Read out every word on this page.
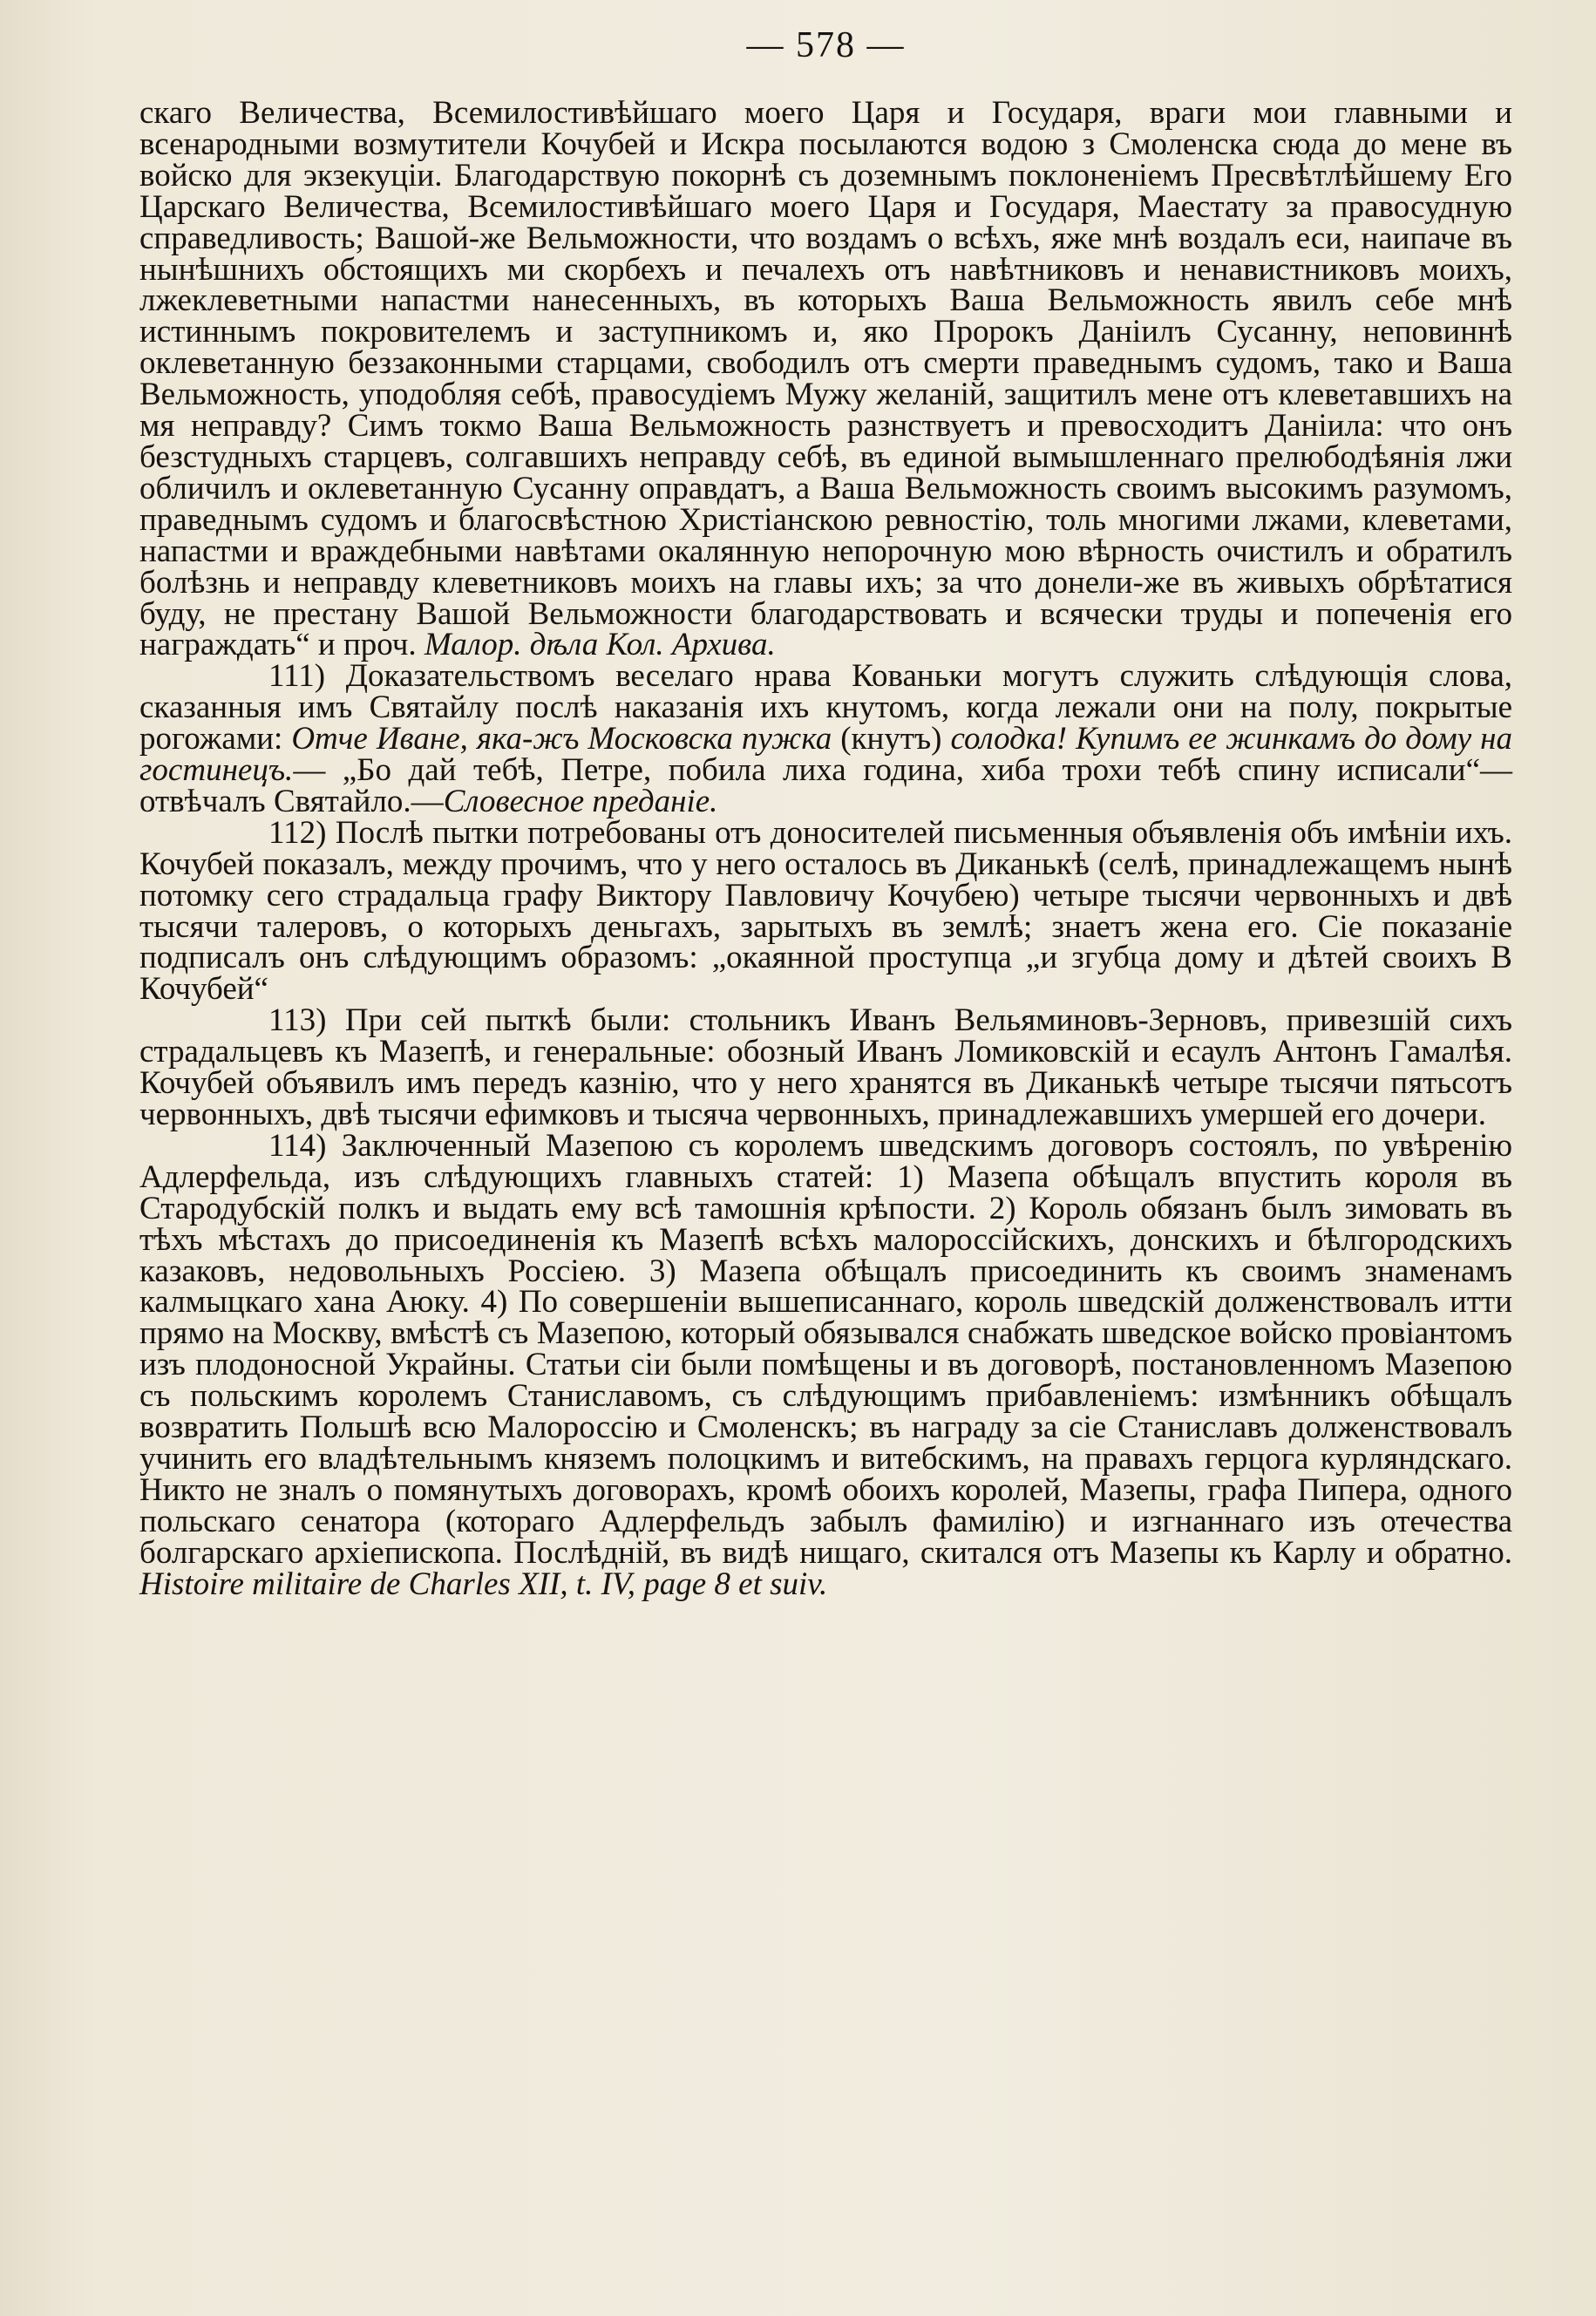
— 578 —

скаго Величества, Всемилостивѣйшаго моего Царя и Государя, враги мои главными и всенародными возмутители Кочубей и Искра посылаются водою з Смоленска сюда до мене въ войско для экзекуціи. Благодарствую покорнѣ съ доземнымъ поклоненіемъ Пресвѣтлѣйшему Его Царскаго Величества, Всемилостивѣйшаго моего Царя и Государя, Маестату за правосудную справедливость; Вашой-же Вельможности, что воздамъ о всѣхъ, яже мнѣ воздалъ еси, наипаче въ нынѣшнихъ обстоящихъ ми скорбехъ и печалехъ отъ навѣтниковъ и ненавистниковъ моихъ, лжеклеветными напастми нанесенныхъ, въ которыхъ Ваша Вельможность явилъ себе мнѣ истиннымъ покровителемъ и заступникомъ и, яко Пророкъ Даніилъ Сусанну, неповиннѣ оклеветанную беззаконными старцами, свободилъ отъ смерти праведнымъ судомъ, тако и Ваша Вельможность, уподобляя себѣ, правосудіемъ Мужу желаній, защитилъ мене отъ клеветавшихъ на мя неправду? Симъ токмо Ваша Вельможность разнствуетъ и превосходитъ Даніила: что онъ безстудныхъ старцевъ, солгавшихъ неправду себѣ, въ единой вымышленнаго прелюбодѣянія лжи обличилъ и оклеветанную Сусанну оправдатъ, а Ваша Вельможность своимъ высокимъ разумомъ, праведнымъ судомъ и благосвѣстною Христіанскою ревностію, толь многими лжами, клеветами, напастми и враждебными навѣтами окалянную непорочную мою вѣрность очистилъ и обратилъ болѣзнь и неправду клеветниковъ моихъ на главы ихъ; за что донели-же въ живыхъ обрѣтатися буду, не престану Вашой Вельможности благодарствовать и всячески труды и попеченія его награждать“ и проч. Малор. дѣла Кол. Архива.

111) Доказательствомъ веселаго нрава Кованьки могутъ служить слѣдующія слова, сказанныя имъ Святайлу послѣ наказанія ихъ кнутомъ, когда лежали они на полу, покрытые рогожами: Отче Иване, яка-жъ Московска пужка (кнутъ) солодка! Купимъ ее жинкамъ до дому на гостинецъ.— „Бо дай тебѣ, Петре, побила лиха година, хиба трохи тебѣ спину исписали“—отвѣчалъ Святайло.—Словесное преданіе.

112) Послѣ пытки потребованы отъ доносителей письменныя объявленія объ имѣніи ихъ. Кочубей показалъ, между прочимъ, что у него осталось въ Диканькѣ (селѣ, принадлежащемъ нынѣ потомку сего страдальца графу Виктору Павловичу Кочубею) четыре тысячи червонныхъ и двѣ тысячи талеровъ, о которыхъ деньгахъ, зарытыхъ въ землѣ; знаетъ жена его. Сіе показаніе подписалъ онъ слѣдующимъ образомъ: „окаянной проступца „и згубца дому и дѣтей своихъ В Кочубей“

113) При сей пыткѣ были: стольникъ Иванъ Вельяминовъ-Зерновъ, привезшій сихъ страдальцевъ къ Мазепѣ, и генеральные: обозный Иванъ Ломиковскій и есаулъ Антонъ Гамалѣя. Кочубей объявилъ имъ передъ казнію, что у него хранятся въ Диканькѣ четыре тысячи пятьсотъ червонныхъ, двѣ тысячи ефимковъ и тысяча червонныхъ, принадлежавшихъ умершей его дочери.

114) Заключенный Мазепою съ королемъ шведскимъ договоръ состоялъ, по увѣренію Адлерфельда, изъ слѣдующихъ главныхъ статей: 1) Мазепа обѣщалъ впустить короля въ Стародубскій полкъ и выдать ему всѣ тамошнія крѣпости. 2) Король обязанъ былъ зимовать въ тѣхъ мѣстахъ до присоединенія къ Мазепѣ всѣхъ малороссійскихъ, донскихъ и бѣлгородскихъ казаковъ, недовольныхъ Россіею. 3) Мазепа обѣщалъ присоединить къ своимъ знаменамъ калмыцкаго хана Аюку. 4) По совершеніи вышеписаннаго, король шведскій долженствовалъ итти прямо на Москву, вмѣстѣ съ Мазепою, который обязывался снабжать шведское войско провіантомъ изъ плодоносной Украйны. Статьи сіи были помѣщены и въ договорѣ, постановленномъ Мазепою съ польскимъ королемъ Станиславомъ, съ слѣдующимъ прибавленіемъ: измѣнникъ обѣщалъ возвратить Польшѣ всю Малороссію и Смоленскъ; въ награду за сіе Станиславъ долженствовалъ учинить его владѣтельнымъ княземъ полоцкимъ и витебскимъ, на правахъ герцога курляндскаго. Никто не зналъ о помянутыхъ договорахъ, кромѣ обоихъ королей, Мазепы, графа Пипера, одного польскаго сенатора (котораго Адлерфельдъ забылъ фамилію) и изгнаннаго изъ отечества болгарскаго архіепископа. Послѣдній, въ видѣ нищаго, скитался отъ Мазепы къ Карлу и обратно. Histoire militaire de Charles XII, t. IV, page 8 et suiv.
